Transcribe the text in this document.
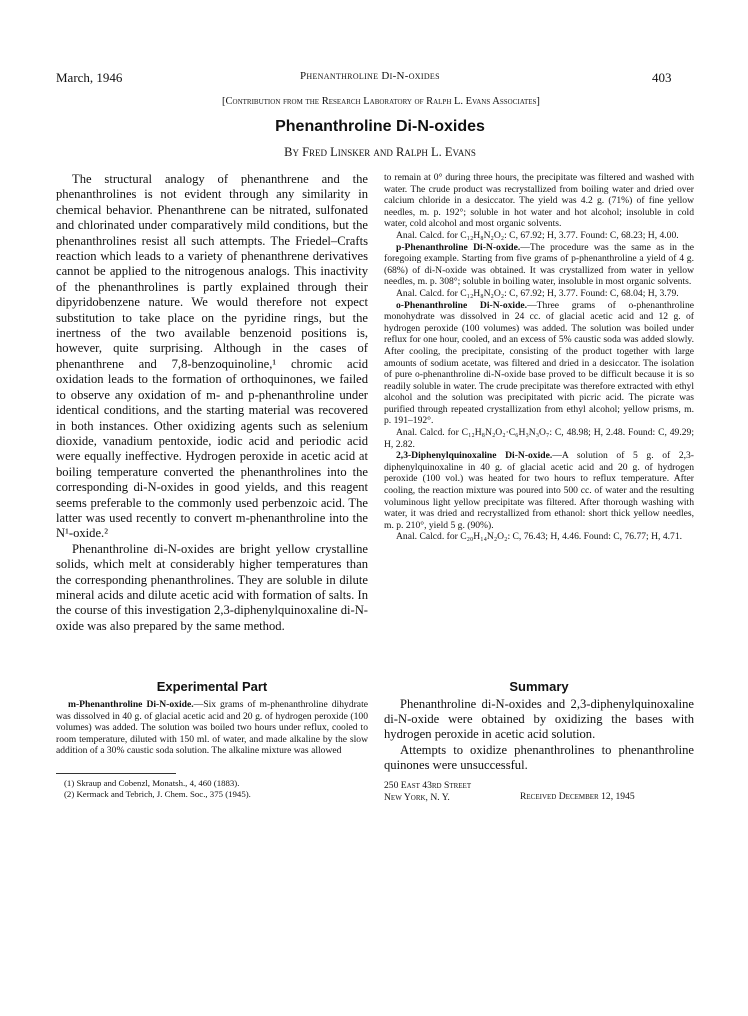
March, 1946	Phenanthroline Di-N-oxides	403
[Contribution from the Research Laboratory of Ralph L. Evans Associates]
Phenanthroline Di-N-oxides
By Fred Linsker and Ralph L. Evans

The structural analogy of phenanthrene and the phenanthrolines is not evident through any similarity in chemical behavior. Phenanthrene can be nitrated, sulfonated and chlorinated under comparatively mild conditions, but the phenanthrolines resist all such attempts. The Friedel–Crafts reaction which leads to a variety of phenanthrene derivatives cannot be applied to the nitrogenous analogs. This inactivity of the phenanthrolines is partly explained through their dipyridobenzene nature. We would therefore not expect substitution to take place on the pyridine rings, but the inertness of the two available benzenoid positions is, however, quite surprising. Although in the cases of phenanthrene and 7,8-benzoquinoline,¹ chromic acid oxidation leads to the formation of orthoquinones, we failed to observe any oxidation of m- and p-phenanthroline under identical conditions, and the starting material was recovered in both instances. Other oxidizing agents such as selenium dioxide, vanadium pentoxide, iodic acid and periodic acid were equally ineffective. Hydrogen peroxide in acetic acid at boiling temperature converted the phenanthrolines into the corresponding di-N-oxides in good yields, and this reagent seems preferable to the commonly used perbenzoic acid. The latter was used recently to convert m-phenanthroline into the N¹-oxide.²

Phenanthroline di-N-oxides are bright yellow crystalline solids, which melt at considerably higher temperatures than the corresponding phenanthrolines. They are soluble in dilute mineral acids and dilute acetic acid with formation of salts. In the course of this investigation 2,3-diphenylquinoxaline di-N-oxide was also prepared by the same method.

Experimental Part
m-Phenanthroline Di-N-oxide.—Six grams of m-phenanthroline dihydrate was dissolved in 40 g. of glacial acetic acid and 20 g. of hydrogen peroxide (100 volumes) was added. The solution was boiled two hours under reflux, cooled to room temperature, diluted with 150 ml. of water, and made alkaline by the slow addition of a 30% caustic soda solution. The alkaline mixture was allowed
(1) Skraup and Cobenzl, Monatsh., 4, 460 (1883).
(2) Kermack and Tebrich, J. Chem. Soc., 375 (1945).

to remain at 0° during three hours, the precipitate was filtered and washed with water. The crude product was recrystallized from boiling water and dried over calcium chloride in a desiccator. The yield was 4.2 g. (71%) of fine yellow needles, m. p. 192°; soluble in hot water and hot alcohol; insoluble in cold water, cold alcohol and most organic solvents.

Anal. Calcd. for C₁₂H₈N₂O₂: C, 67.92; H, 3.77. Found: C, 68.23; H, 4.00.

p-Phenanthroline Di-N-oxide.—The procedure was the same as in the foregoing example. Starting from five grams of p-phenanthroline a yield of 4 g. (68%) of di-N-oxide was obtained. It was crystallized from water in yellow needles, m. p. 308°; soluble in boiling water, insoluble in most organic solvents.

Anal. Calcd. for C₁₂H₈N₂O₂: C, 67.92; H, 3.77. Found: C, 68.04; H, 3.79.

o-Phenanthroline Di-N-oxide.—Three grams of o-phenanthroline monohydrate was dissolved in 24 cc. of glacial acetic acid and 12 g. of hydrogen peroxide (100 volumes) was added. The solution was boiled under reflux for one hour, cooled, and an excess of 5% caustic soda was added slowly. After cooling, the precipitate, consisting of the product together with large amounts of sodium acetate, was filtered and dried in a desiccator. The isolation of pure o-phenanthroline di-N-oxide base proved to be difficult because it is so readily soluble in water. The crude precipitate was therefore extracted with ethyl alcohol and the solution was precipitated with picric acid. The picrate was purified through repeated crystallization from ethyl alcohol; yellow prisms, m. p. 191–192°.

Anal. Calcd. for C₁₂H₈N₂O₂·C₆H₃N₃O₇: C, 48.98; H, 2.48. Found: C, 49.29; H, 2.82.

2,3-Diphenylquinoxaline Di-N-oxide.—A solution of 5 g. of 2,3-diphenylquinoxaline in 40 g. of glacial acetic acid and 20 g. of hydrogen peroxide (100 vol.) was heated for two hours to reflux temperature. After cooling, the reaction mixture was poured into 500 cc. of water and the resulting voluminous light yellow precipitate was filtered. After thorough washing with water, it was dried and recrystallized from ethanol: short thick yellow needles, m. p. 210°, yield 5 g. (90%).

Anal. Calcd. for C₂₀H₁₄N₂O₂: C, 76.43; H, 4.46. Found: C, 76.77; H, 4.71.

Summary

Phenanthroline di-N-oxides and 2,3-diphenylquinoxaline di-N-oxide were obtained by oxidizing the bases with hydrogen peroxide in acetic acid solution.

Attempts to oxidize phenanthrolines to phenanthroline quinones were unsuccessful.

250 East 43rd Street
New York, N. Y.	Received December 12, 1945
